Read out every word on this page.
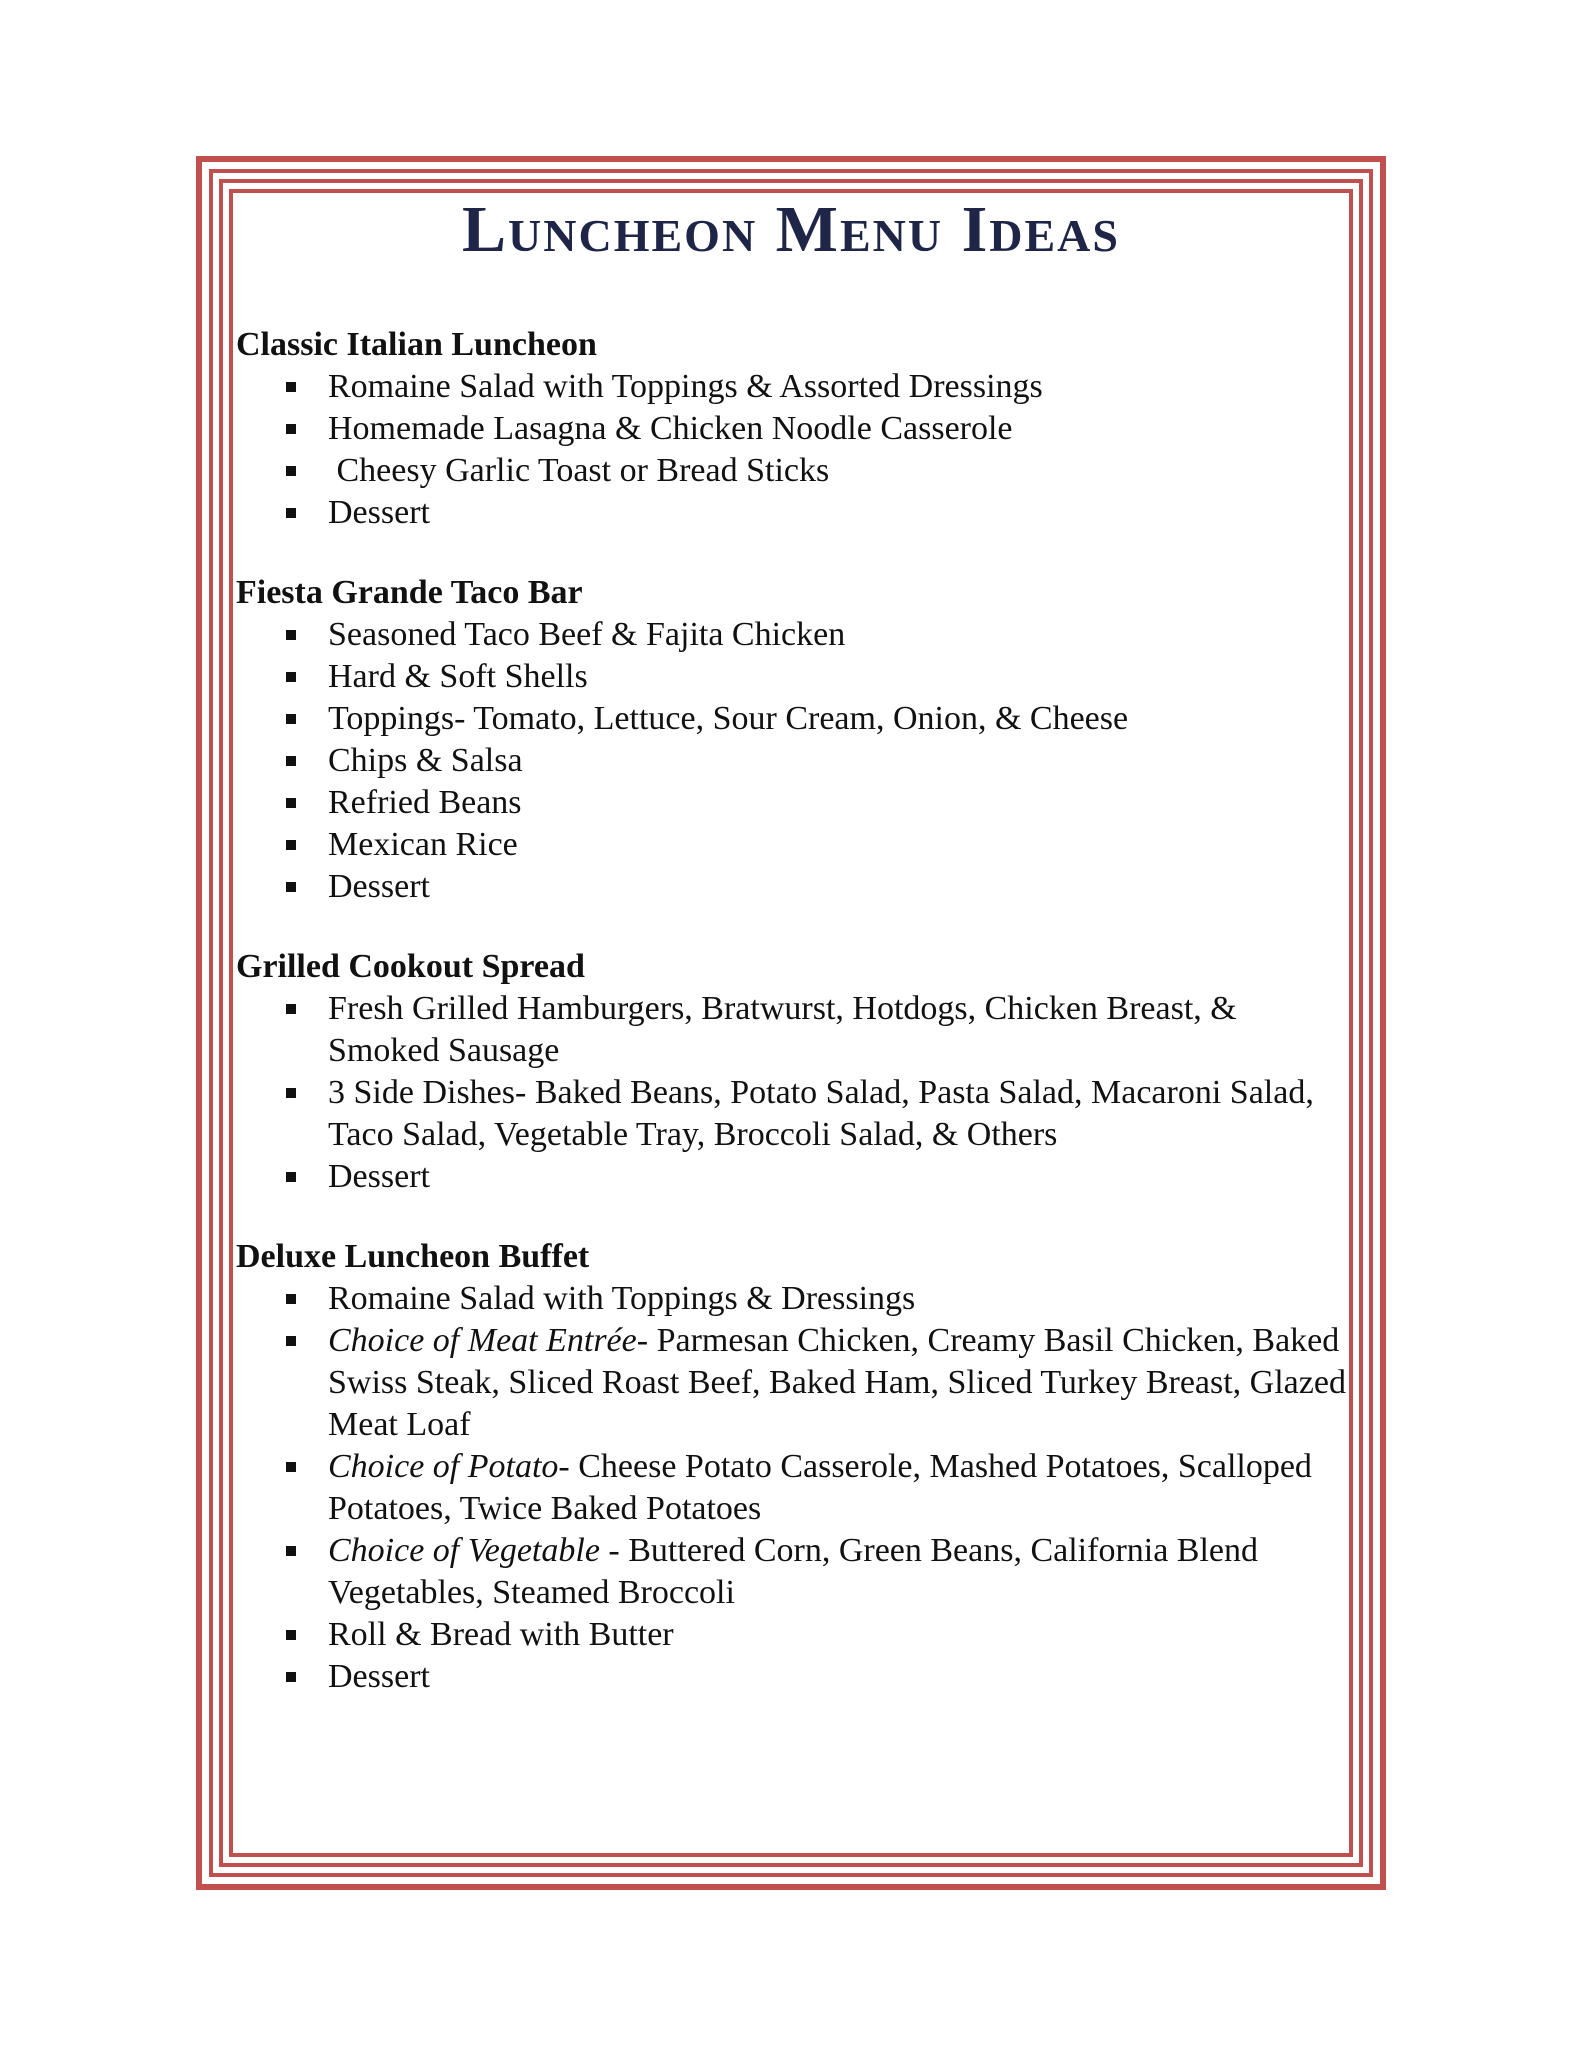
Luncheon Menu Ideas
Classic Italian Luncheon
Romaine Salad with Toppings & Assorted Dressings
Homemade Lasagna & Chicken Noodle Casserole
Cheesy Garlic Toast or Bread Sticks
Dessert
Fiesta Grande Taco Bar
Seasoned Taco Beef & Fajita Chicken
Hard & Soft Shells
Toppings- Tomato, Lettuce, Sour Cream, Onion, & Cheese
Chips & Salsa
Refried Beans
Mexican Rice
Dessert
Grilled Cookout Spread
Fresh Grilled Hamburgers, Bratwurst, Hotdogs, Chicken Breast, & Smoked Sausage
3 Side Dishes- Baked Beans, Potato Salad, Pasta Salad, Macaroni Salad, Taco Salad, Vegetable Tray, Broccoli Salad, & Others
Dessert
Deluxe Luncheon Buffet
Romaine Salad with Toppings & Dressings
Choice of Meat Entrée- Parmesan Chicken, Creamy Basil Chicken, Baked Swiss Steak, Sliced Roast Beef, Baked Ham, Sliced Turkey Breast, Glazed Meat Loaf
Choice of Potato- Cheese Potato Casserole, Mashed Potatoes, Scalloped Potatoes, Twice Baked Potatoes
Choice of Vegetable - Buttered Corn, Green Beans, California Blend Vegetables, Steamed Broccoli
Roll & Bread with Butter
Dessert
